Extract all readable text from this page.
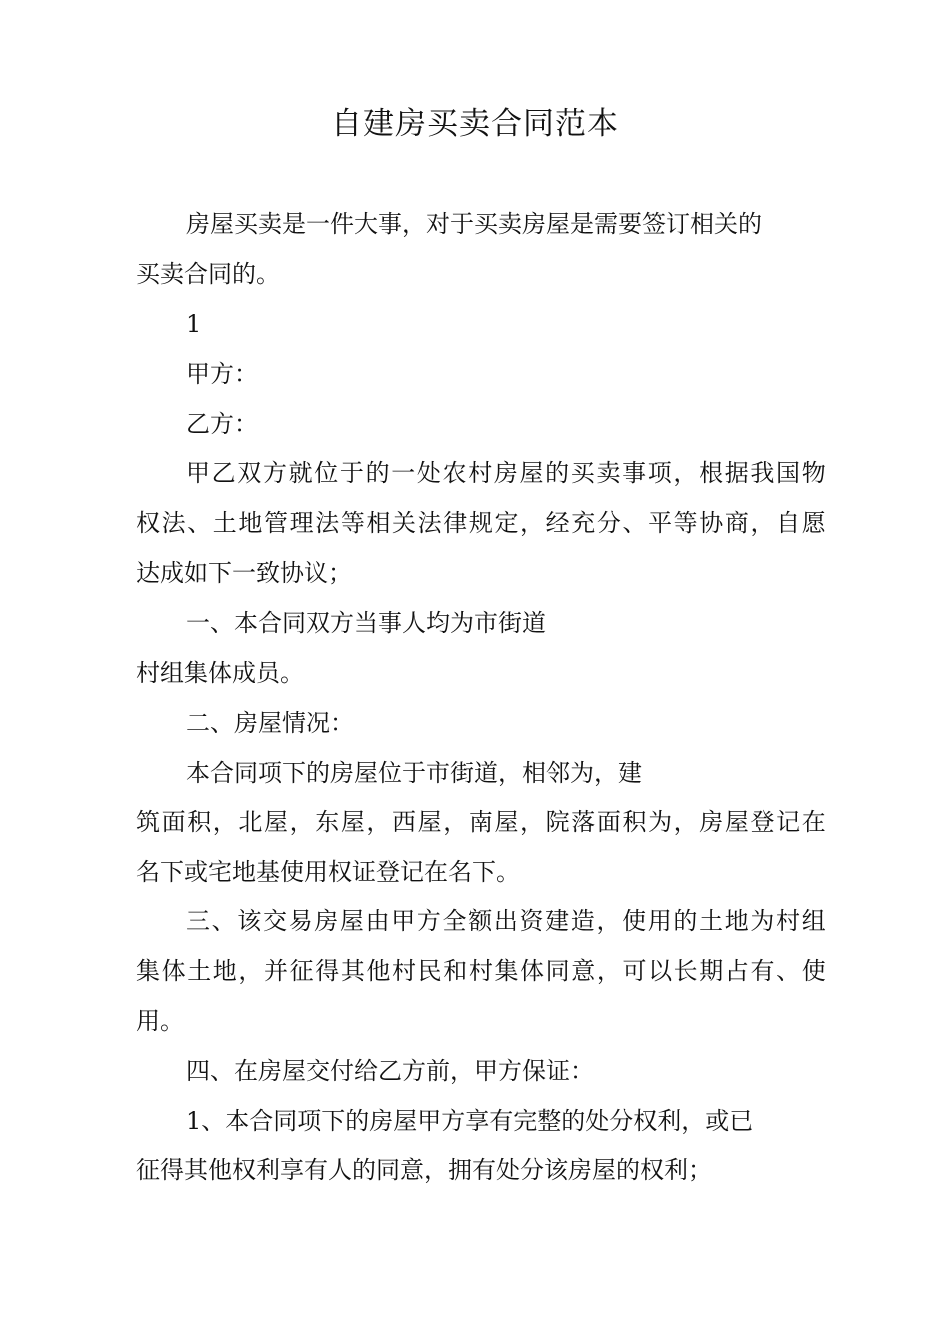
自建房买卖合同范本

房屋买卖是一件大事，对于买卖房屋是需要签订相关的

买卖合同的。

1

甲方：

乙方：

甲乙双方就位于的一处农村房屋的买卖事项，根据我国物

权法、土地管理法等相关法律规定，经充分、平等协商，自愿

达成如下一致协议；

一、本合同双方当事人均为市街道

村组集体成员。

二、房屋情况：

本合同项下的房屋位于市街道，相邻为，建

筑面积，北屋，东屋，西屋，南屋，院落面积为，房屋登记在

名下或宅地基使用权证登记在名下。

三、该交易房屋由甲方全额出资建造，使用的土地为村组

集体土地，并征得其他村民和村集体同意，可以长期占有、使

用。

四、在房屋交付给乙方前，甲方保证：

1、本合同项下的房屋甲方享有完整的处分权利，或已

征得其他权利享有人的同意，拥有处分该房屋的权利；
